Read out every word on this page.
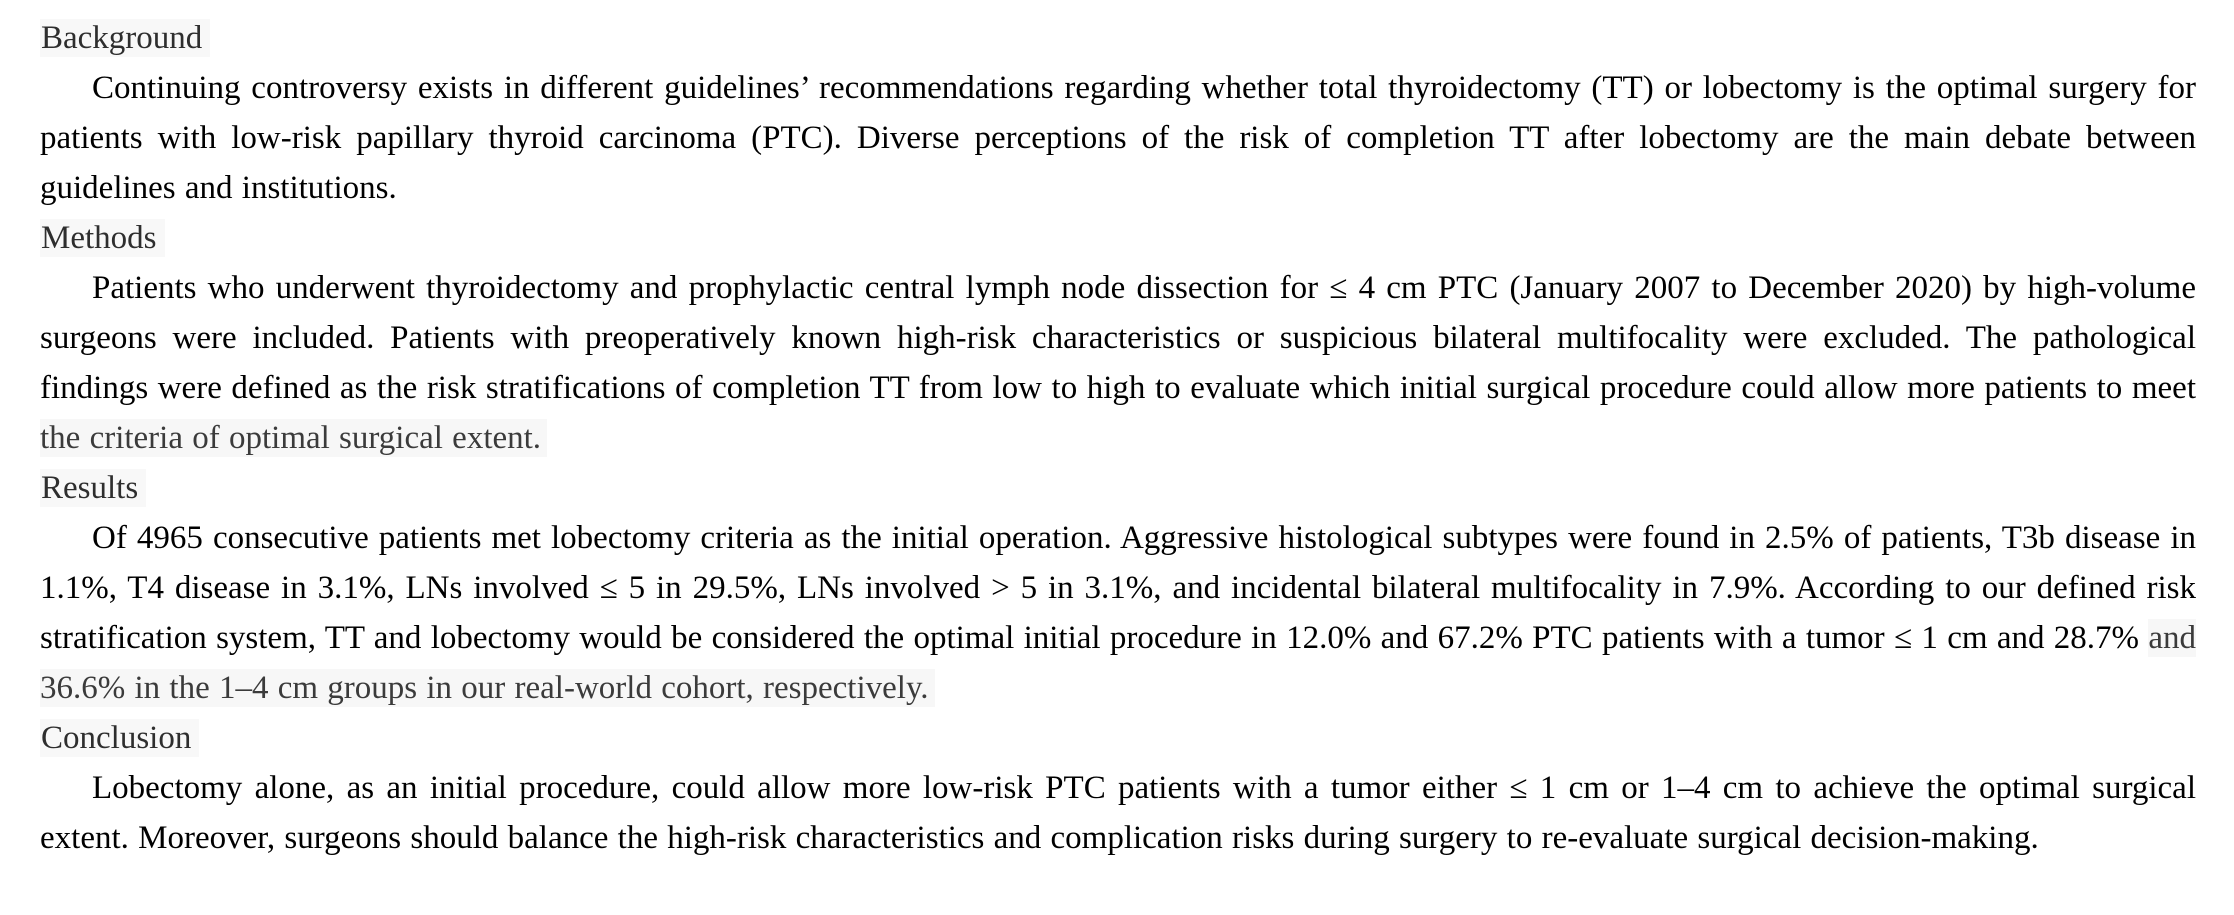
Background

Continuing controversy exists in different guidelines’ recommendations regarding whether total thyroidectomy (TT) or lobectomy is the optimal surgery for patients with low-risk papillary thyroid carcinoma (PTC). Diverse perceptions of the risk of completion TT after lobectomy are the main debate between guidelines and institutions.

Methods

Patients who underwent thyroidectomy and prophylactic central lymph node dissection for ≤ 4 cm PTC (January 2007 to December 2020) by high-volume surgeons were included. Patients with preoperatively known high-risk characteristics or suspicious bilateral multifocality were excluded. The pathological findings were defined as the risk stratifications of completion TT from low to high to evaluate which initial surgical procedure could allow more patients to meet the criteria of optimal surgical extent.

Results

Of 4965 consecutive patients met lobectomy criteria as the initial operation. Aggressive histological subtypes were found in 2.5% of patients, T3b disease in 1.1%, T4 disease in 3.1%, LNs involved ≤ 5 in 29.5%, LNs involved > 5 in 3.1%, and incidental bilateral multifocality in 7.9%. According to our defined risk stratification system, TT and lobectomy would be considered the optimal initial procedure in 12.0% and 67.2% PTC patients with a tumor ≤ 1 cm and 28.7% and 36.6% in the 1–4 cm groups in our real-world cohort, respectively.

Conclusion

Lobectomy alone, as an initial procedure, could allow more low-risk PTC patients with a tumor either ≤ 1 cm or 1–4 cm to achieve the optimal surgical extent. Moreover, surgeons should balance the high-risk characteristics and complication risks during surgery to re-evaluate surgical decision-making.
